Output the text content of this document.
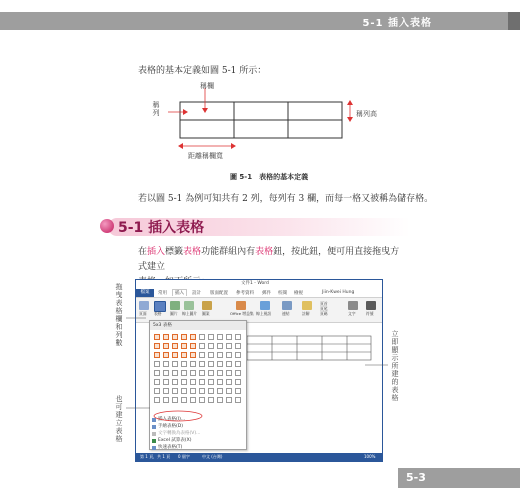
5-1 插入表格
表格的基本定義如圖 5-1 所示：
稱欄
稱列	稱列高
距離稱欄寬
圖 5-1　表格的基本定義
若以圖 5-1 為例可知共有 2 列，每列有 3 欄，而每一格又被稱為儲存格。
5-1 插入表格
在插入標籤表格功能群組內有表格鈕，按此鈕，便可用直接拖曳方式建立

拖曳表格欄和列數
也可建立表格
立即顯示所建的表格
文件1 - Word
檔案	常用	插入	設計 版面配置 參考資料 郵件 校閱 檢視	Jiin-Kwei Hung
頁面 表格 圖片 線上圖片 圖案	Office 增益集 線上視訊	連結	註解
頁首
頁尾
頁碼	文字	符號
5x3 表格
插入表格(I)...
手繪表格(D)
文字轉換為表格(V)...
Excel 試算表(X)
快速表格(T)
第 1 頁，共 1 頁 0 個字	中文 (台灣)	100%
5-3
